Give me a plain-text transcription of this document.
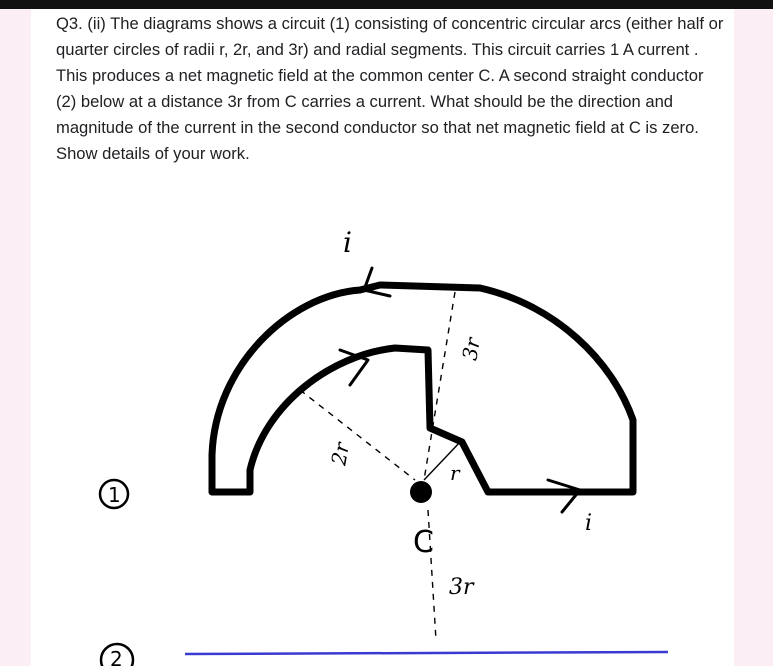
Q3. (ii) The diagrams shows a circuit (1) consisting of concentric circular arcs (either half or quarter circles of radii r, 2r, and 3r) and radial segments. This circuit carries 1 A current . This produces a net magnetic field at the common center C. A second straight conductor (2) below at a distance 3r from C carries a current. What should be the direction and magnitude of the current in the second conductor so that net magnetic field at C is zero. Show details of your work.

i
i
3r
2r
r
C
3r
1
2
